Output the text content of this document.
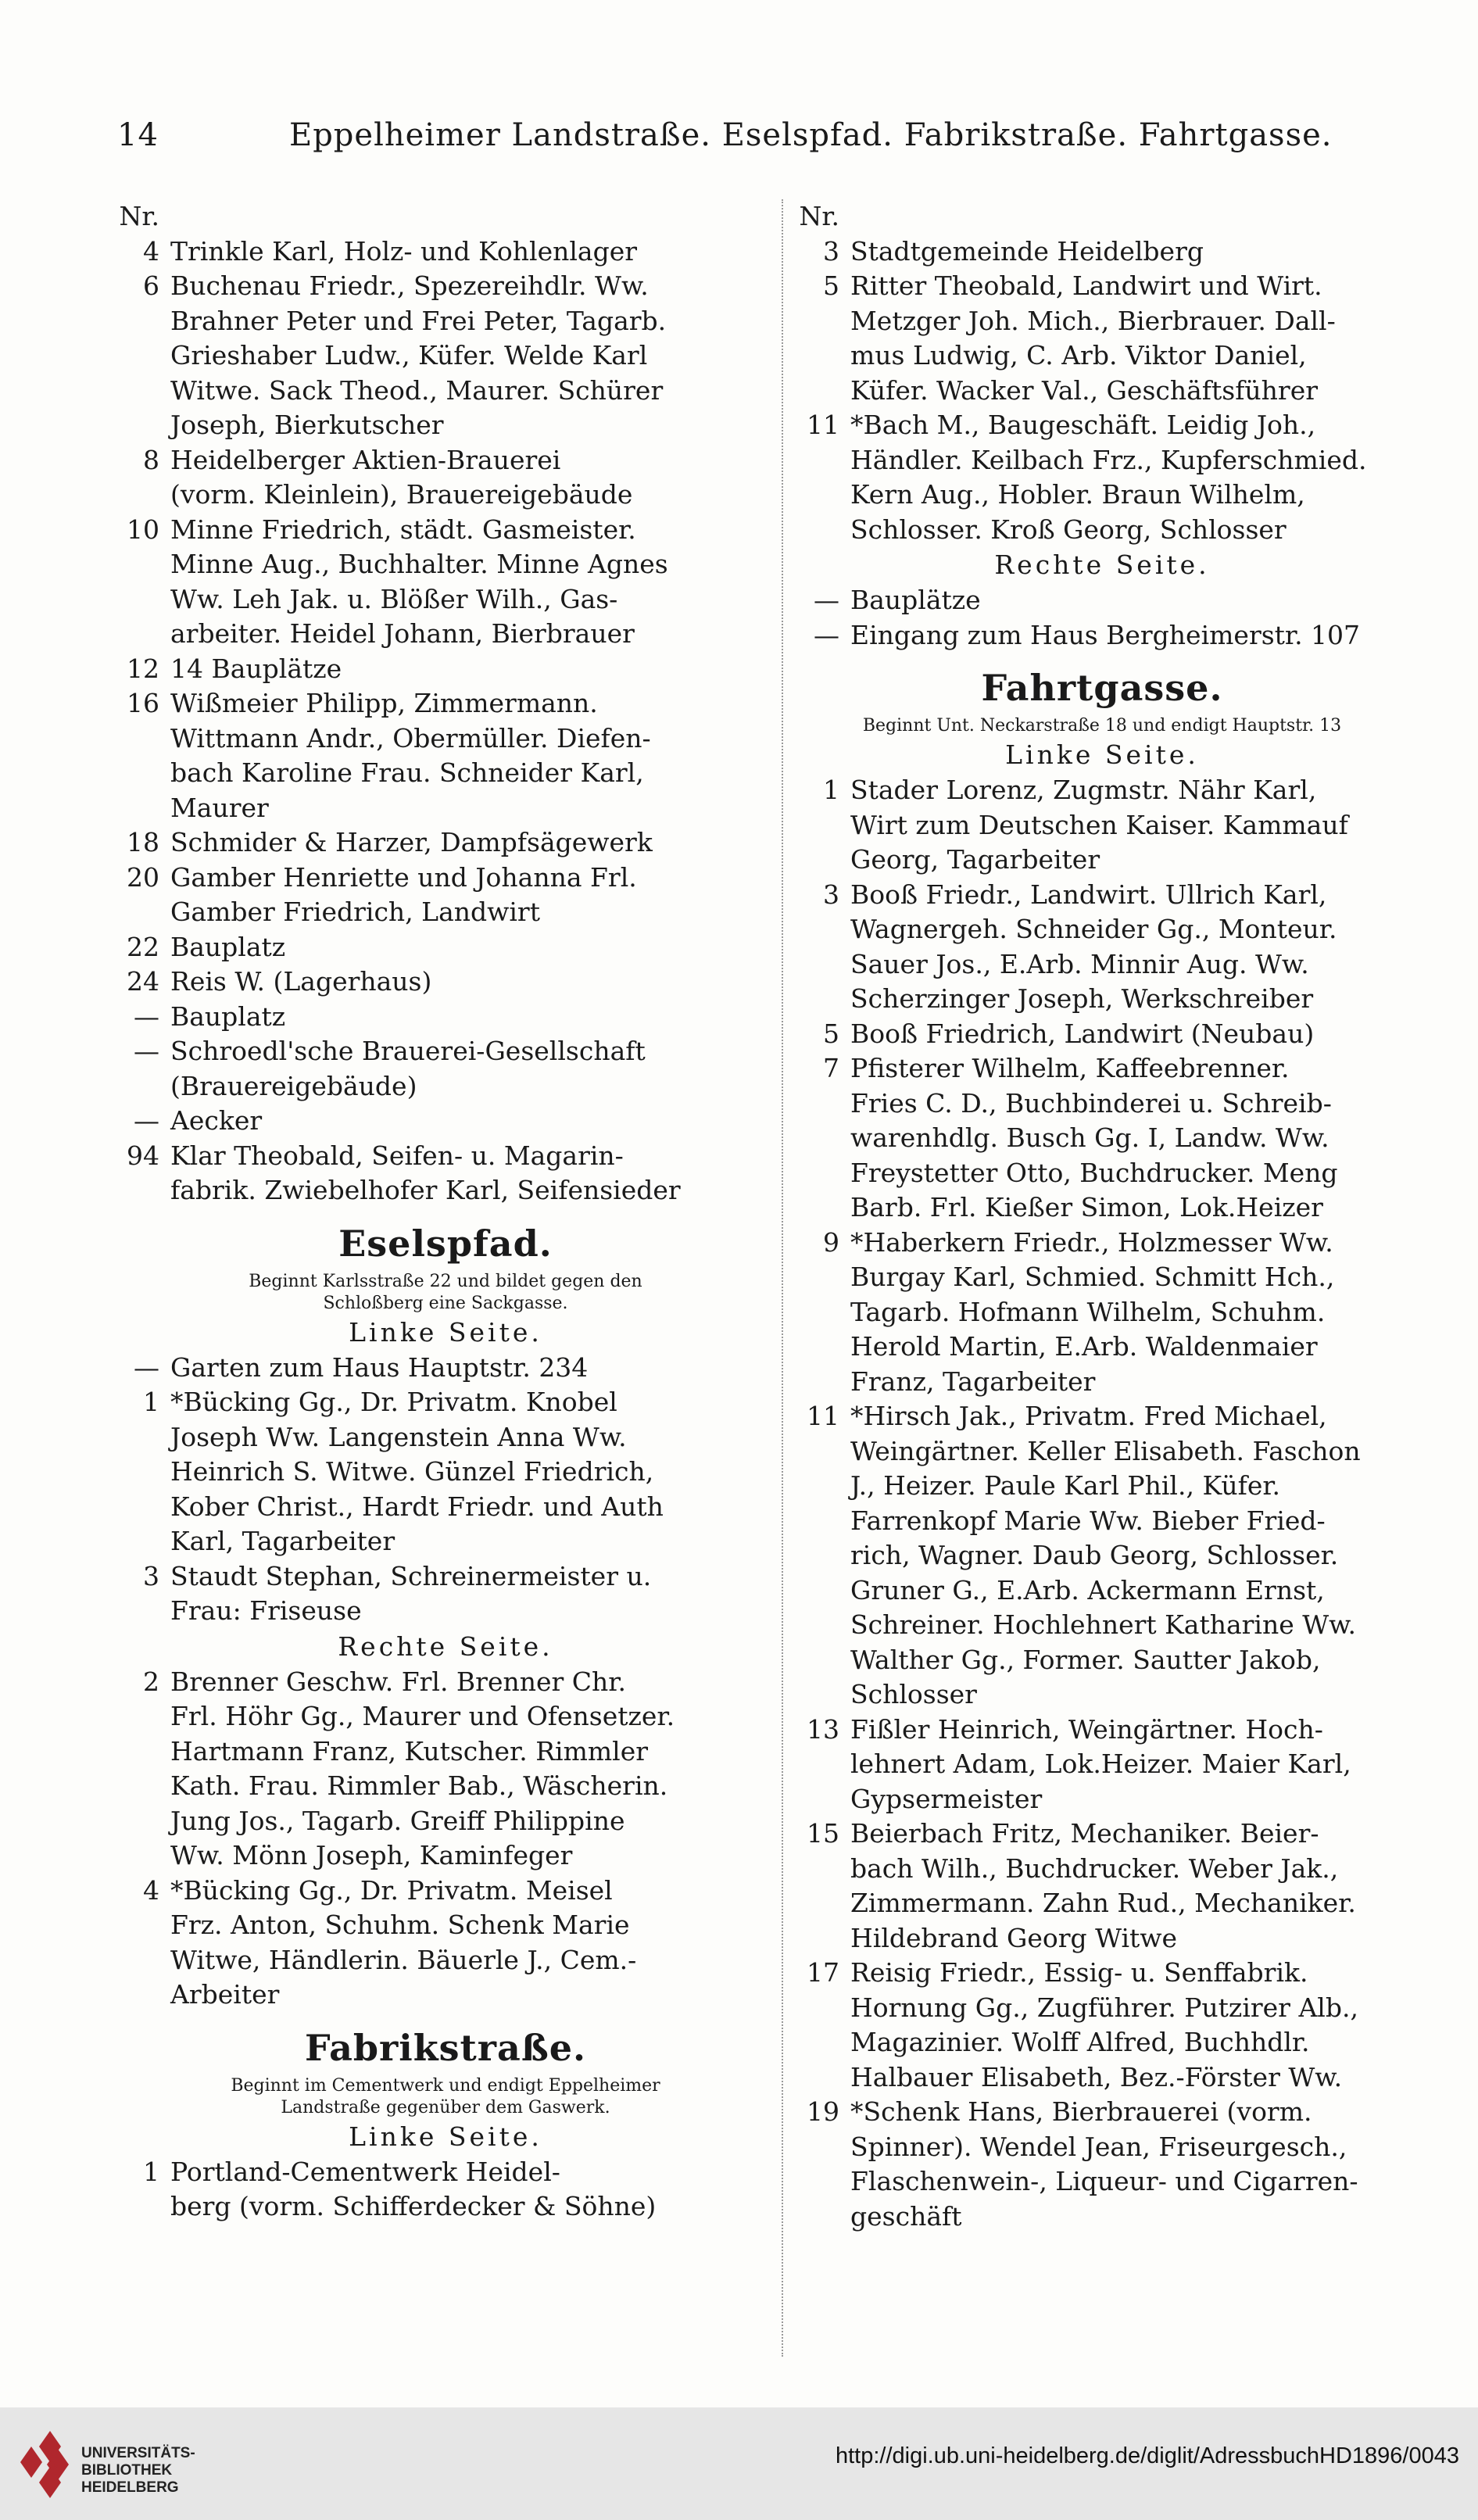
14	Eppelheimer Landstraße. Eselspfad. Fabrikstraße. Fahrtgasse.
Nr.
4 Trinkle Karl, Holz- und Kohlenlager
6 Buchenau Friedr., Spezereihdlr. Ww.
Brahner Peter und Frei Peter, Tagarb.
Grieshaber Ludw., Küfer. Welde Karl
Witwe. Sack Theod., Maurer. Schürer
Joseph, Bierkutscher
8 Heidelberger Aktien-Brauerei
(vorm. Kleinlein), Brauereigebäude
10 Minne Friedrich, städt. Gasmeister.
Minne Aug., Buchhalter. Minne Agnes
Ww. Leh Jak. u. Blößer Wilh., Gas-
arbeiter. Heidel Johann, Bierbrauer
12 14 Bauplätze
16 Wißmeier Philipp, Zimmermann.
Wittmann Andr., Obermüller. Diefen-
bach Karoline Frau. Schneider Karl,
Maurer
18 Schmider & Harzer, Dampfsägewerk
20 Gamber Henriette und Johanna Frl.
Gamber Friedrich, Landwirt
22 Bauplatz
24 Reis W. (Lagerhaus)
— Bauplatz
— Schroedl'sche Brauerei-Gesellschaft
(Brauereigebäude)
— Aecker
94 Klar Theobald, Seifen- u. Magarin-
fabrik. Zwiebelhofer Karl, Seifensieder
Eselspfad.
Beginnt Karlsstraße 22 und bildet gegen den
Schloßberg eine Sackgasse.
Linke Seite.
— Garten zum Haus Hauptstr. 234
1 *Bücking Gg., Dr. Privatm. Knobel
Joseph Ww. Langenstein Anna Ww.
Heinrich S. Witwe. Günzel Friedrich,
Kober Christ., Hardt Friedr. und Auth
Karl, Tagarbeiter
3 Staudt Stephan, Schreinermeister u.
Frau: Friseuse
Rechte Seite.
2 Brenner Geschw. Frl. Brenner Chr.
Frl. Höhr Gg., Maurer und Ofensetzer.
Hartmann Franz, Kutscher. Rimmler
Kath. Frau. Rimmler Bab., Wäscherin.
Jung Jos., Tagarb. Greiff Philippine
Ww. Mönn Joseph, Kaminfeger
4 *Bücking Gg., Dr. Privatm. Meisel
Frz. Anton, Schuhm. Schenk Marie
Witwe, Händlerin. Bäuerle J., Cem.-
Arbeiter
Fabrikstraße.
Beginnt im Cementwerk und endigt Eppelheimer
Landstraße gegenüber dem Gaswerk.
Linke Seite.
1 Portland-Cementwerk Heidel-
berg (vorm. Schifferdecker & Söhne)
Nr.
3 Stadtgemeinde Heidelberg
5 Ritter Theobald, Landwirt und Wirt.
Metzger Joh. Mich., Bierbrauer. Dall-
mus Ludwig, C. Arb. Viktor Daniel,
Küfer. Wacker Val., Geschäftsführer
11 *Bach M., Baugeschäft. Leidig Joh.,
Händler. Keilbach Frz., Kupferschmied.
Kern Aug., Hobler. Braun Wilhelm,
Schlosser. Kroß Georg, Schlosser
Rechte Seite.
— Bauplätze
— Eingang zum Haus Bergheimerstr. 107
Fahrtgasse.
Beginnt Unt. Neckarstraße 18 und endigt Hauptstr. 13
Linke Seite.
1 Stader Lorenz, Zugmstr. Nähr Karl,
Wirt zum Deutschen Kaiser. Kammauf
Georg, Tagarbeiter
3 Booß Friedr., Landwirt. Ullrich Karl,
Wagnergeh. Schneider Gg., Monteur.
Sauer Jos., E.Arb. Minnir Aug. Ww.
Scherzinger Joseph, Werkschreiber
5 Booß Friedrich, Landwirt (Neubau)
7 Pfisterer Wilhelm, Kaffeebrenner.
Fries C. D., Buchbinderei u. Schreib-
warenhdlg. Busch Gg. I, Landw. Ww.
Freystetter Otto, Buchdrucker. Meng
Barb. Frl. Kießer Simon, Lok.Heizer
9 *Haberkern Friedr., Holzmesser Ww.
Burgay Karl, Schmied. Schmitt Hch.,
Tagarb. Hofmann Wilhelm, Schuhm.
Herold Martin, E.Arb. Waldenmaier
Franz, Tagarbeiter
11 *Hirsch Jak., Privatm. Fred Michael,
Weingärtner. Keller Elisabeth. Faschon
J., Heizer. Paule Karl Phil., Küfer.
Farrenkopf Marie Ww. Bieber Fried-
rich, Wagner. Daub Georg, Schlosser.
Gruner G., E.Arb. Ackermann Ernst,
Schreiner. Hochlehnert Katharine Ww.
Walther Gg., Former. Sautter Jakob,
Schlosser
13 Fißler Heinrich, Weingärtner. Hoch-
lehnert Adam, Lok.Heizer. Maier Karl,
Gypsermeister
15 Beierbach Fritz, Mechaniker. Beier-
bach Wilh., Buchdrucker. Weber Jak.,
Zimmermann. Zahn Rud., Mechaniker.
Hildebrand Georg Witwe
17 Reisig Friedr., Essig- u. Senffabrik.
Hornung Gg., Zugführer. Putzirer Alb.,
Magazinier. Wolff Alfred, Buchhdlr.
Halbauer Elisabeth, Bez.-Förster Ww.
19 *Schenk Hans, Bierbrauerei (vorm.
Spinner). Wendel Jean, Friseurgesch.,
Flaschenwein-, Liqueur- und Cigarren-
geschäft
UNIVERSITÄTS-
BIBLIOTHEK
HEIDELBERG
http://digi.ub.uni-heidelberg.de/diglit/AdressbuchHD1896/0043
